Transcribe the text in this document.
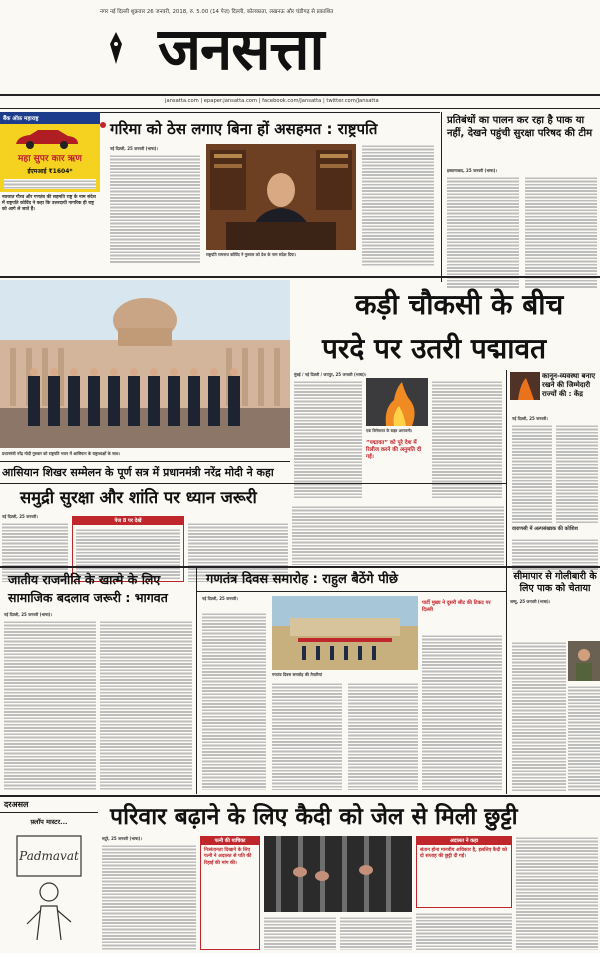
नगर नई दिल्ली शुक्रवार 26 जनवरी, 2018, रु. 5.00 (14 पेज) दिल्ली, कोलकाता, लखनऊ और चंडीगढ़ से प्रकाशित
जनसत्ता
jansatta.com | epaper.jansatta.com | facebook.com/Jansatta | twitter.com/Jansatta
बैंक ऑफ़ महाराष्ट्र
महा सुपर कार ऋण
ईएमआई ₹1604*
गरिमा को ठेस लगाए बिना हों असहमत : राष्ट्रपति
नई दिल्ली, 25 जनवरी (भाषा)।
राष्ट्रपति रामनाथ कोविंद ने गुरुवार को देश के नाम संदेश दिया।
नवजात गौरव और गणतंत्र की सहमति राष्ट्र के नाम संदेश में राष्ट्रपति कोविंद ने कहा कि उत्तरदायी नागरिक ही राष्ट्र को आगे ले जाते हैं।
प्रतिबंधों का पालन कर रहा है पाक या नहीं, देखने पहुंची सुरक्षा परिषद की टीम
इस्लामाबाद, 25 जनवरी (भाषा)।
कड़ी चौकसी के बीच
परदे पर उतरी पद्मावत
प्रधानमंत्री नरेंद्र मोदी गुरुवार को राष्ट्रपति भवन में आसियान के राष्ट्राध्यक्षों के साथ।
मुंबई / नई दिल्ली / जयपुर, 25 जनवरी (भाषा)।
एक सिनेमाघर के बाहर आगजनी।
“पद्मावत” को पूरे देश में रिलीज करने की अनुमति दी गई।
कानून-व्यवस्था बनाए रखने की जिम्मेदारी राज्यों की : केंद्र
नई दिल्ली, 25 जनवरी।
वाराणसी में अल्पसंख्यक की कोशिश
आसियान शिखर सम्मेलन के पूर्ण सत्र में प्रधानमंत्री नरेंद्र मोदी ने कहा
समुद्री सुरक्षा और शांति पर ध्यान जरूरी
नई दिल्ली, 25 जनवरी।
पेज 8 पर देखें
जातीय राजनीति के खात्मे के लिए सामाजिक बदलाव जरूरी : भागवत
नई दिल्ली, 25 जनवरी (भाषा)।
गणतंत्र दिवस समारोह : राहुल बैठेंगे पीछे
नई दिल्ली, 25 जनवरी।
गणतंत्र दिवस समारोह की तैयारियां
पार्टी मुख्य ने दूसरी सीट की टिकट पर दिल्ली
सीमापार से गोलीबारी के लिए पाक को चेताया
जम्मू, 25 जनवरी (भाषा)।
दरअसल
फ़्लाॅप मास्टर...
Padmavat
परिवार बढ़ाने के लिए कैदी को जेल से मिली छुट्टी
मदुरै, 25 जनवरी (भाषा)।	पत्नी की याचिका
निःसंतानता दिखाने के लिए पत्नी ने अदालत से पति की रिहाई की मांग की।
अदालत ने कहा
संतान होना मानवीय अधिकार है, इसलिए कैदी को दो सप्ताह की छुट्टी दी गई।
